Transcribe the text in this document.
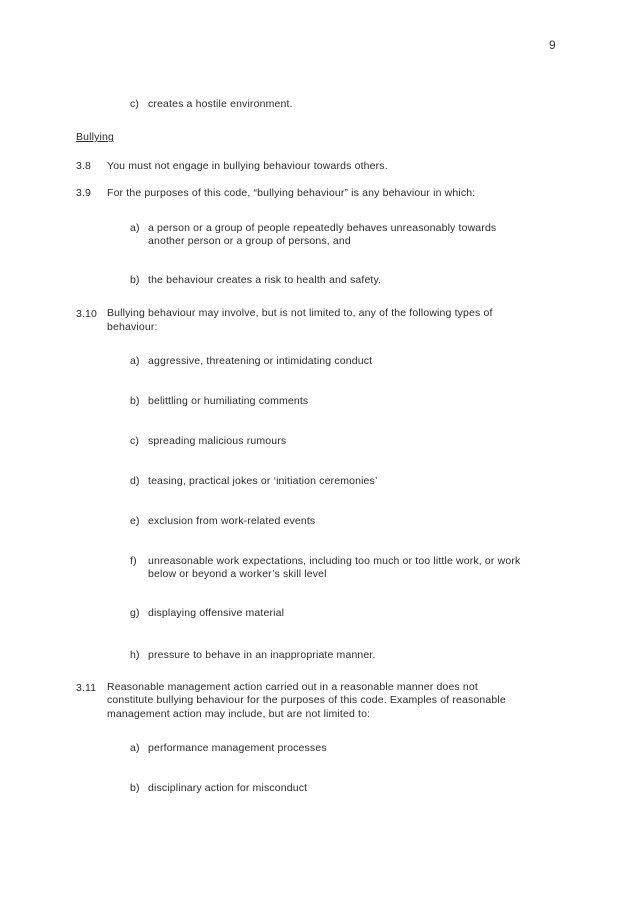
9
c) creates a hostile environment.
Bullying
3.8 You must not engage in bullying behaviour towards others.
3.9 For the purposes of this code, “bullying behaviour” is any behaviour in which:
a) a person or a group of people repeatedly behaves unreasonably towards
another person or a group of persons, and
b) the behaviour creates a risk to health and safety.
3.10 Bullying behaviour may involve, but is not limited to, any of the following types of
behaviour:
a) aggressive, threatening or intimidating conduct
b) belittling or humiliating comments
c) spreading malicious rumours
d) teasing, practical jokes or ‘initiation ceremonies’
e) exclusion from work-related events
f) unreasonable work expectations, including too much or too little work, or work
below or beyond a worker’s skill level
g) displaying offensive material
h) pressure to behave in an inappropriate manner.
3.11 Reasonable management action carried out in a reasonable manner does not
constitute bullying behaviour for the purposes of this code. Examples of reasonable
management action may include, but are not limited to:
a) performance management processes
b) disciplinary action for misconduct
